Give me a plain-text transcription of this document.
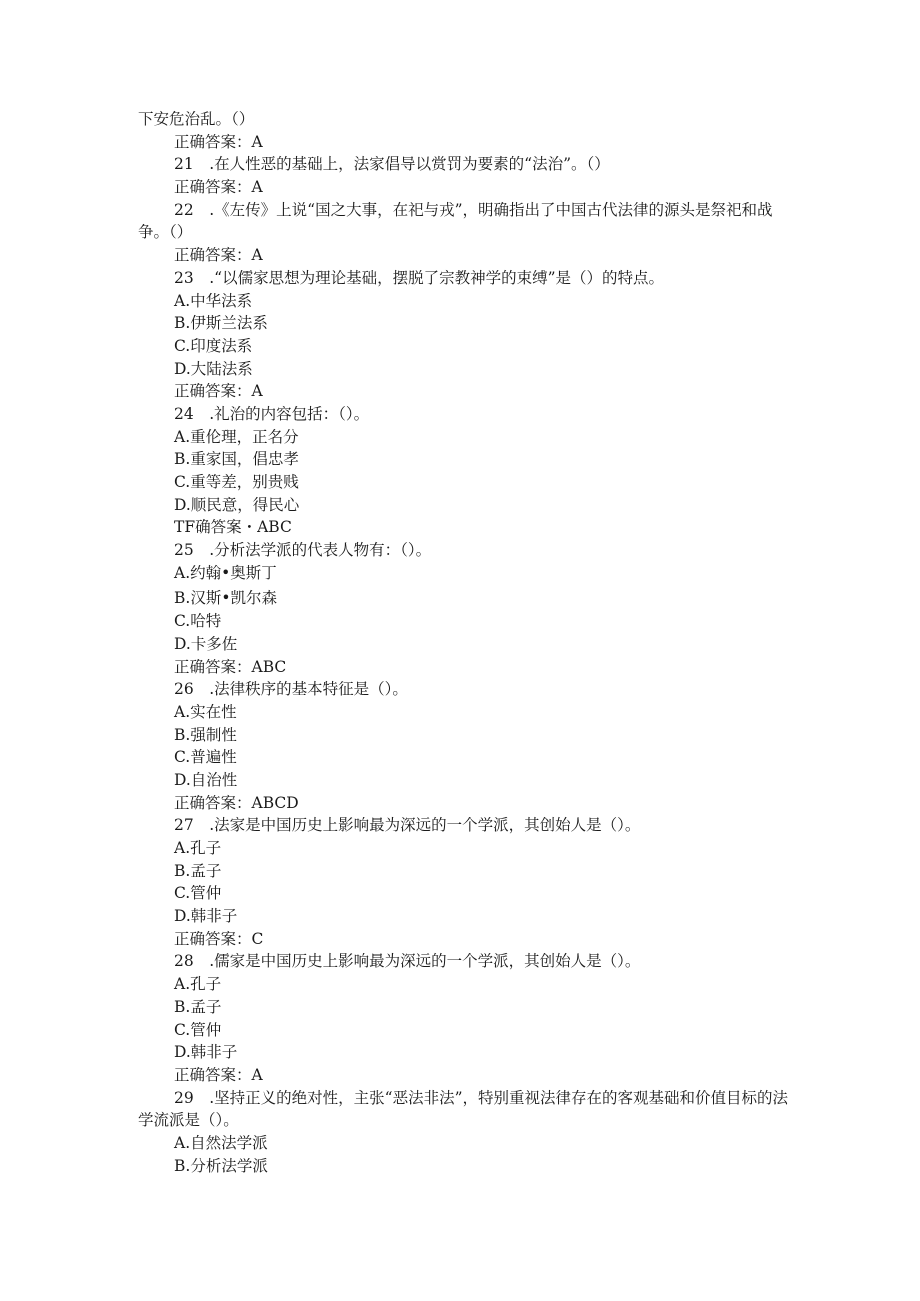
下安危治乱。（）
正确答案：A
21　.在人性恶的基础上，法家倡导以赏罚为要素的“法治”。（）
正确答案：A
22　.《左传》上说“国之大事，在祀与戎”，明确指出了中国古代法律的源头是祭祀和战争。（）
正确答案：A
23　.“以儒家思想为理论基础，摆脱了宗教神学的束缚”是（）的特点。
A.中华法系
B.伊斯兰法系
C.印度法系
D.大陆法系
正确答案：A
24　.礼治的内容包括：（）。
A.重伦理，正名分
B.重家国，倡忠孝
C.重等差，别贵贱
D.顺民意，得民心
TF确答案・ABC
25　.分析法学派的代表人物有：（）。
A.约翰•奥斯丁
B.汉斯•凯尔森
C.哈特
D.卡多佐
正确答案：ABC
26　.法律秩序的基本特征是（）。
A.实在性
B.强制性
C.普遍性
D.自治性
正确答案：ABCD
27　.法家是中国历史上影响最为深远的一个学派，其创始人是（）。
A.孔子
B.孟子
C.管仲
D.韩非子
正确答案：C
28　.儒家是中国历史上影响最为深远的一个学派，其创始人是（）。
A.孔子
B.孟子
C.管仲
D.韩非子
正确答案：A
29　.坚持正义的绝对性，主张“恶法非法”，特别重视法律存在的客观基础和价值目标的法学流派是（）。
A.自然法学派
B.分析法学派
